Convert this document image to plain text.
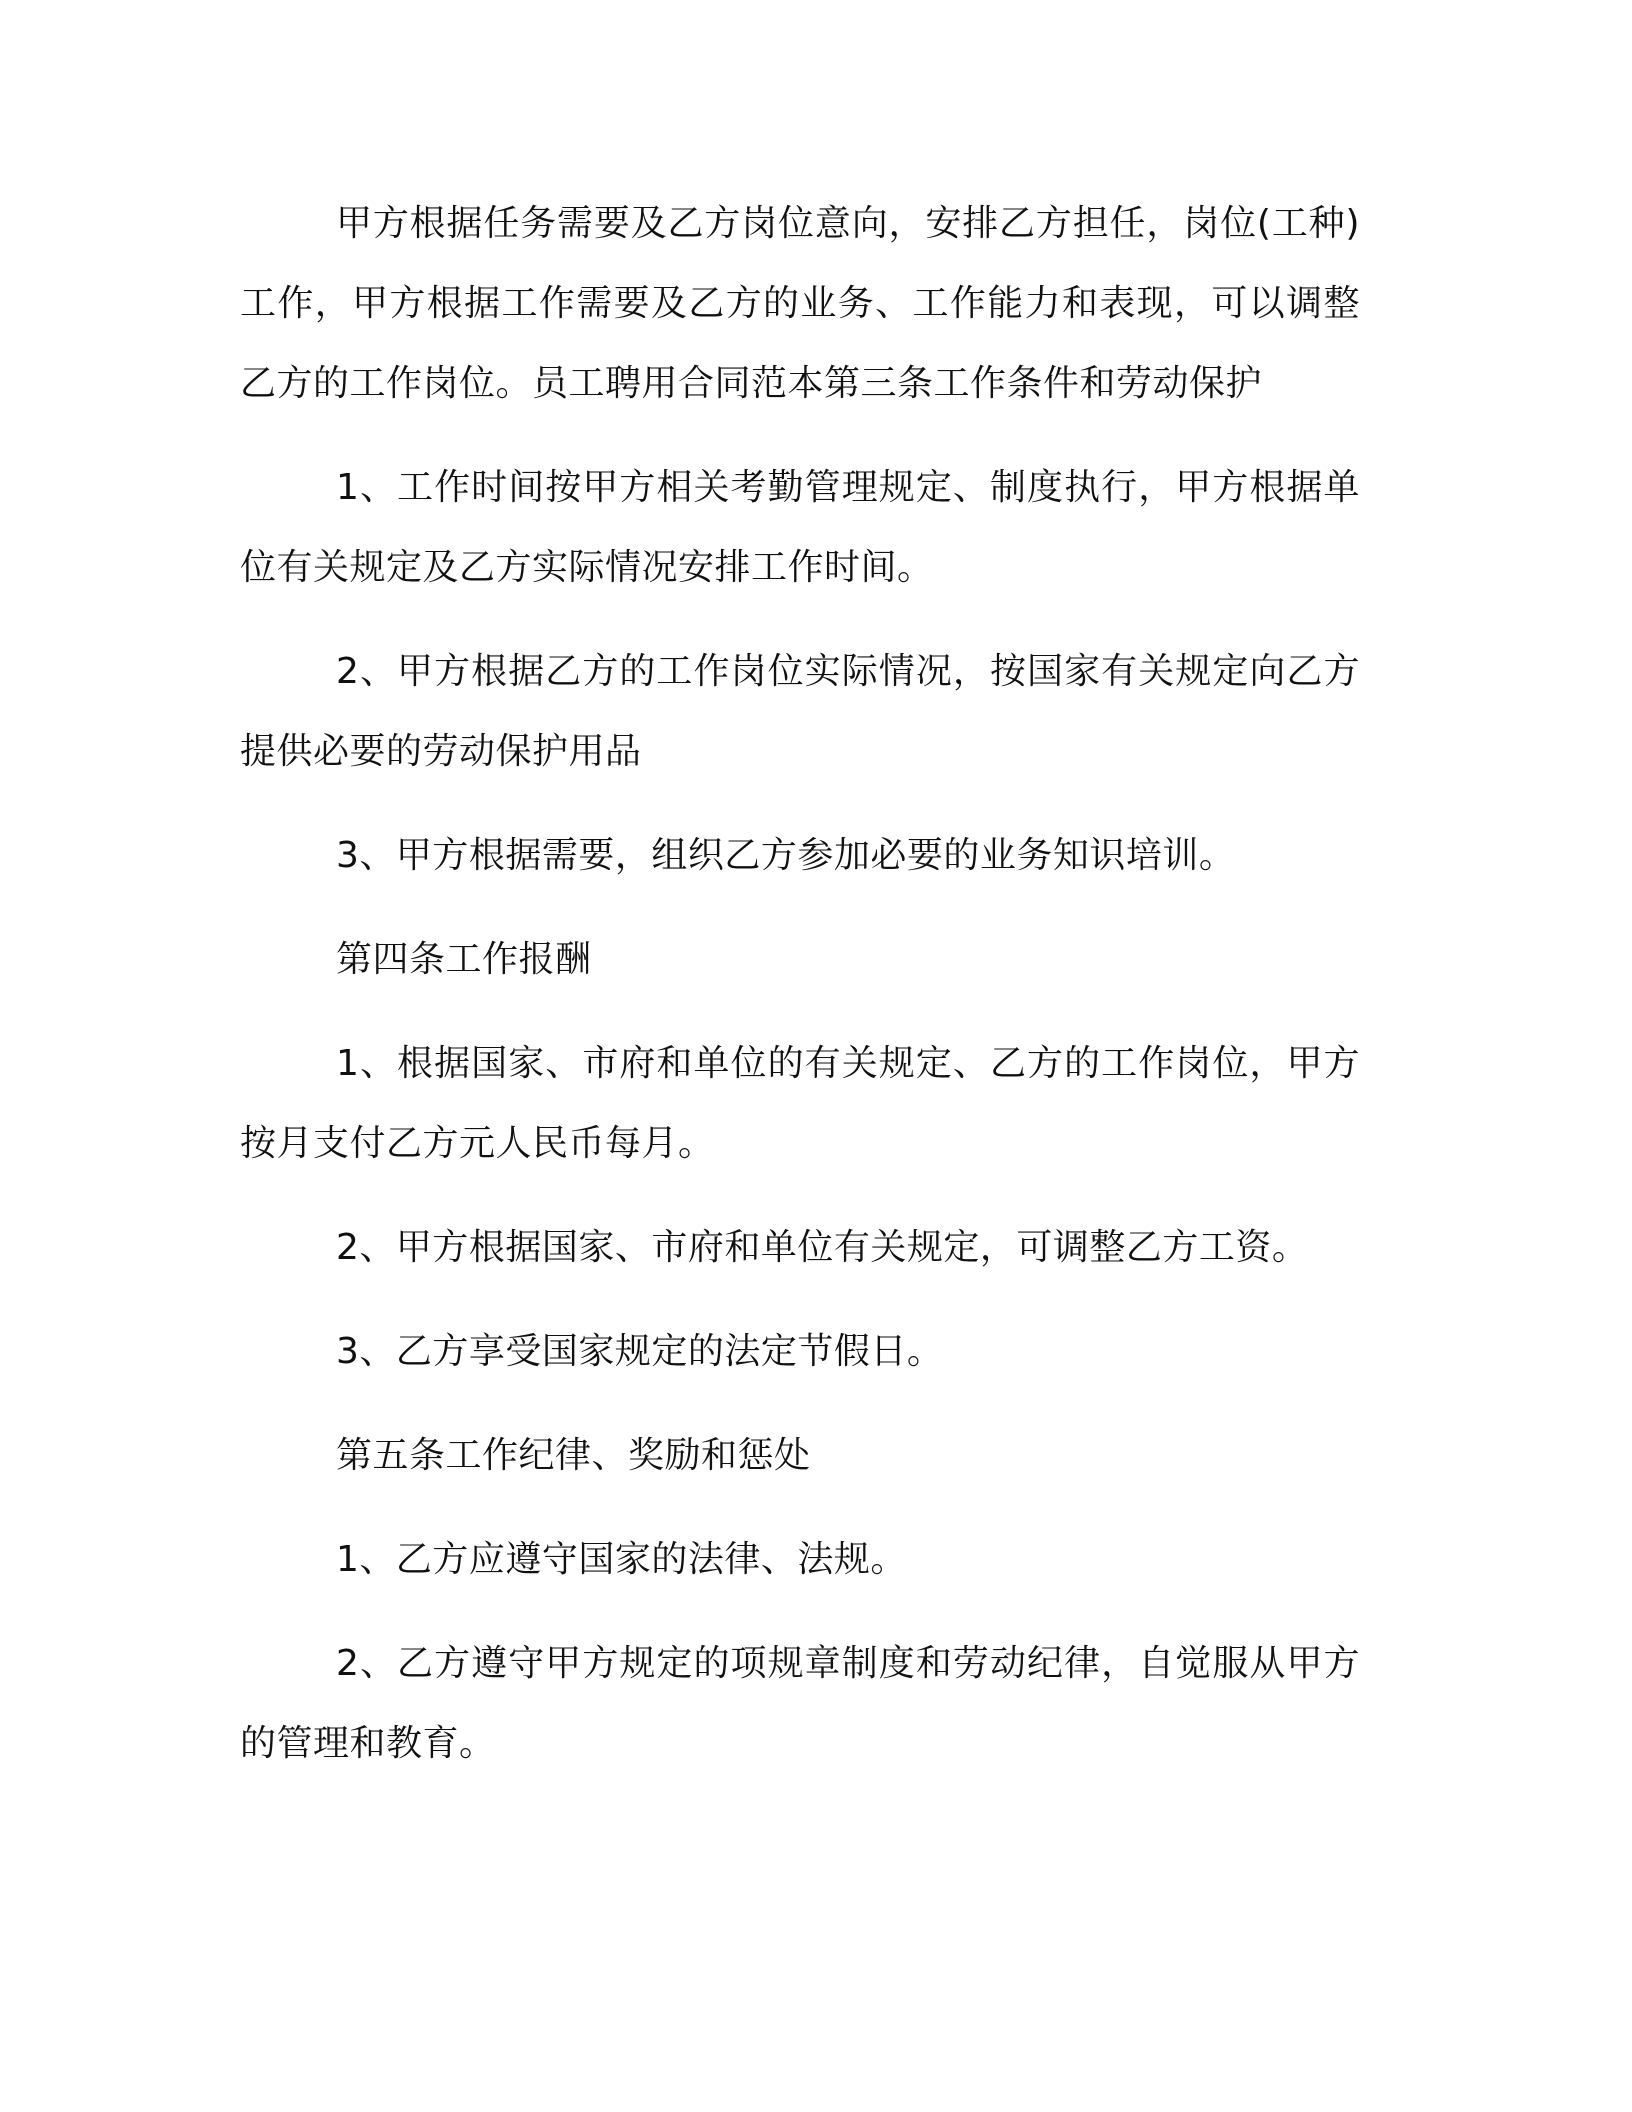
甲方根据任务需要及乙方岗位意向，安排乙方担任，岗位(工种)工作，甲方根据工作需要及乙方的业务、工作能力和表现，可以调整乙方的工作岗位。员工聘用合同范本第三条工作条件和劳动保护

1、工作时间按甲方相关考勤管理规定、制度执行，甲方根据单位有关规定及乙方实际情况安排工作时间。

2、甲方根据乙方的工作岗位实际情况，按国家有关规定向乙方提供必要的劳动保护用品

3、甲方根据需要，组织乙方参加必要的业务知识培训。

第四条工作报酬

1、根据国家、市府和单位的有关规定、乙方的工作岗位，甲方按月支付乙方元人民币每月。

2、甲方根据国家、市府和单位有关规定，可调整乙方工资。

3、乙方享受国家规定的法定节假日。

第五条工作纪律、奖励和惩处

1、乙方应遵守国家的法律、法规。

2、乙方遵守甲方规定的项规章制度和劳动纪律，自觉服从甲方的管理和教育。
